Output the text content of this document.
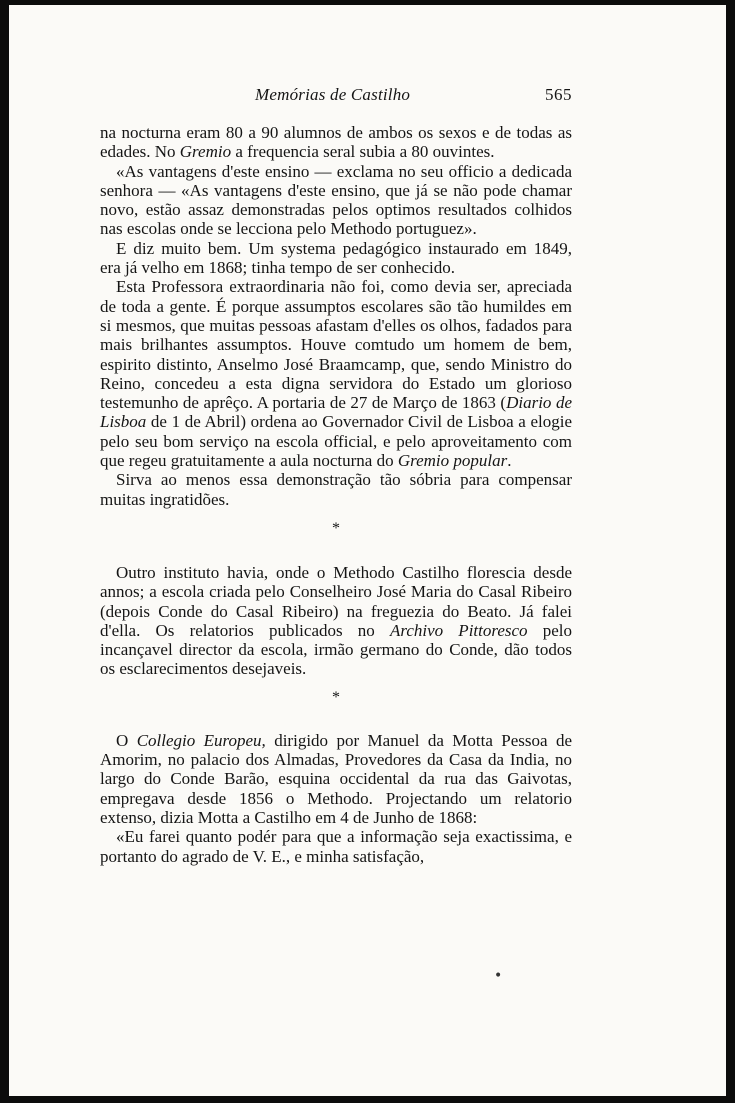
Memórias de Castilho	565

na nocturna eram 80 a 90 alumnos de ambos os sexos e de todas as edades. No Gremio a frequencia seral subia a 80 ouvintes.

«As vantagens d'este ensino — exclama no seu officio a dedicada senhora — «As vantagens d'este ensino, que já se não pode chamar novo, estão assaz demonstradas pelos optimos resultados colhidos nas escolas onde se lecciona pelo Methodo portuguez».

E diz muito bem. Um systema pedagógico instaurado em 1849, era já velho em 1868; tinha tempo de ser conhecido.

Esta Professora extraordinaria não foi, como devia ser, apreciada de toda a gente. É porque assumptos escolares são tão humildes em si mesmos, que muitas pessoas afastam d'elles os olhos, fadados para mais brilhantes assumptos. Houve comtudo um homem de bem, espirito distinto, Anselmo José Braamcamp, que, sendo Ministro do Reino, concedeu a esta digna servidora do Estado um glorioso testemunho de aprêço. A portaria de 27 de Março de 1863 (Diario de Lisboa de 1 de Abril) ordena ao Governador Civil de Lisboa a elogie pelo seu bom serviço na escola official, e pelo aproveitamento com que regeu gratuitamente a aula nocturna do Gremio popular.

Sirva ao menos essa demonstração tão sóbria para compensar muitas ingratidões.

*

Outro instituto havia, onde o Methodo Castilho florescia desde annos; a escola criada pelo Conselheiro José Maria do Casal Ribeiro (depois Conde do Casal Ribeiro) na freguezia do Beato. Já falei d'ella. Os relatorios publicados no Archivo Pittoresco pelo incançavel director da escola, irmão germano do Conde, dão todos os esclarecimentos desejaveis.

*

O Collegio Europeu, dirigido por Manuel da Motta Pessoa de Amorim, no palacio dos Almadas, Provedores da Casa da India, no largo do Conde Barão, esquina occidental da rua das Gaivotas, empregava desde 1856 o Methodo. Projectando um relatorio extenso, dizia Motta a Castilho em 4 de Junho de 1868:

«Eu farei quanto podér para que a informação seja exactissima, e portanto do agrado de V. E., e minha satisfação,

•
